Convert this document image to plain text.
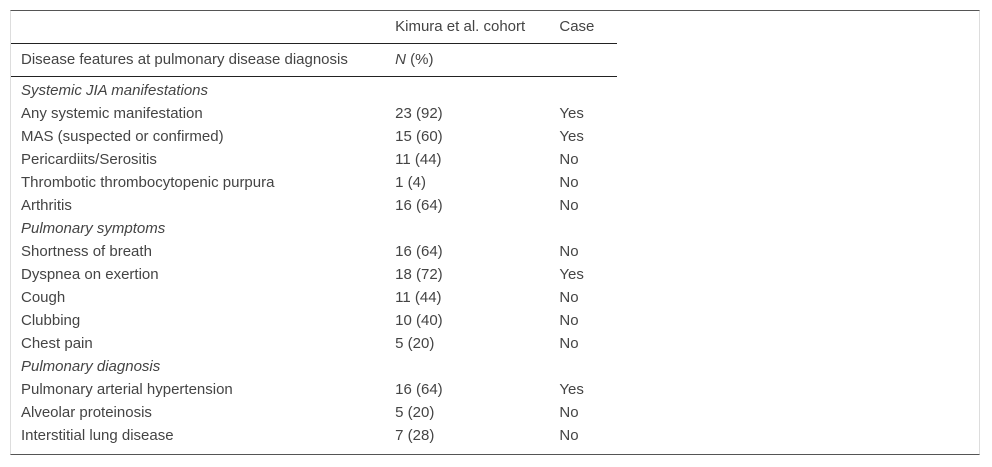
	Kimura et al. cohort	Case
Disease features at pulmonary disease diagnosis	N (%)	
Systemic JIA manifestations		
Any systemic manifestation	23 (92)	Yes
MAS (suspected or confirmed)	15 (60)	Yes
Pericardiits/Serositis	11 (44)	No
Thrombotic thrombocytopenic purpura	1 (4)	No
Arthritis	16 (64)	No
Pulmonary symptoms		
Shortness of breath	16 (64)	No
Dyspnea on exertion	18 (72)	Yes
Cough	11 (44)	No
Clubbing	10 (40)	No
Chest pain	5 (20)	No
Pulmonary diagnosis		
Pulmonary arterial hypertension	16 (64)	Yes
Alveolar proteinosis	5 (20)	No
Interstitial lung disease	7 (28)	No
